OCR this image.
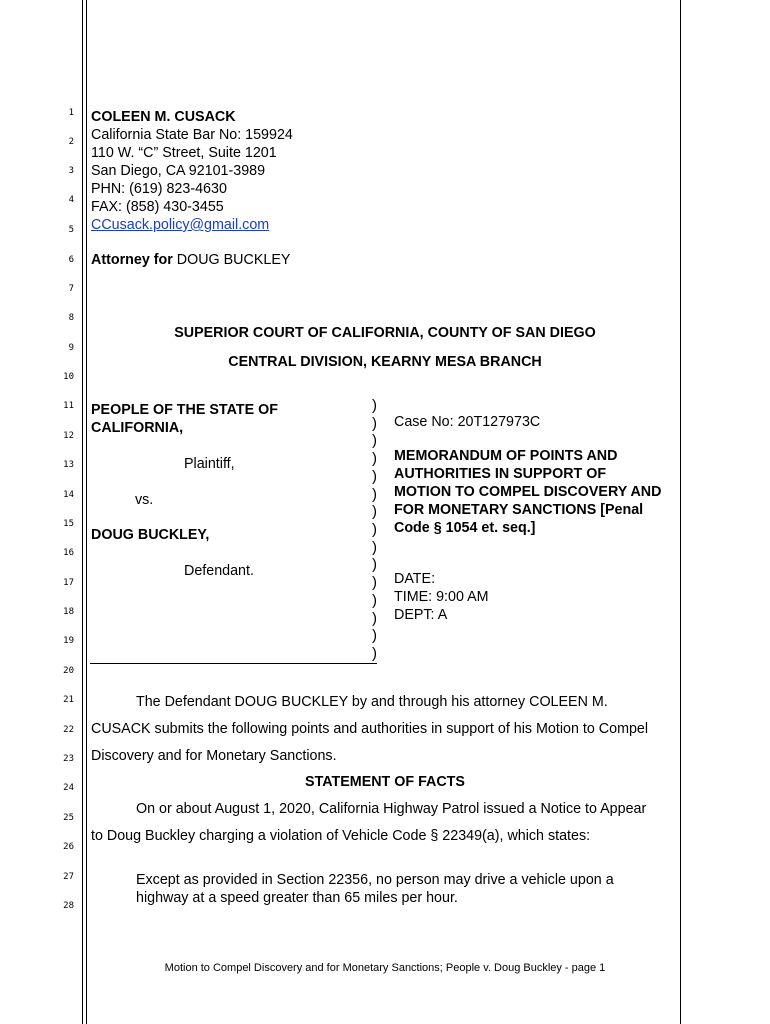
1
2
3
4
5
6
7
8
9
10
11
12
13
14
15
16
17
18
19
20
21
22
23
24
25
26
27
28
COLEEN M. CUSACK
California State Bar No: 159924
110 W. “C” Street, Suite 1201
San Diego, CA 92101-3989
PHN: (619) 823-4630
FAX: (858) 430-3455
CCusack.policy@gmail.com
Attorney for DOUG BUCKLEY
SUPERIOR COURT OF CALIFORNIA, COUNTY OF SAN DIEGO
CENTRAL DIVISION, KEARNY MESA BRANCH
PEOPLE OF THE STATE OF
CALIFORNIA,
Plaintiff,
vs.
DOUG BUCKLEY,
Defendant.
)
)
)
)
)
)
)
)
)
)
)
)
)
)
)
Case No: 20T127973C
MEMORANDUM OF POINTS AND
AUTHORITIES IN SUPPORT OF
MOTION TO COMPEL DISCOVERY AND
FOR MONETARY SANCTIONS [Penal
Code § 1054 et. seq.]
DATE:
TIME: 9:00 AM
DEPT: A
The Defendant DOUG BUCKLEY by and through his attorney COLEEN M.
CUSACK submits the following points and authorities in support of his Motion to Compel
Discovery and for Monetary Sanctions.
STATEMENT OF FACTS
On or about August 1, 2020, California Highway Patrol issued a Notice to Appear
to Doug Buckley charging a violation of Vehicle Code § 22349(a), which states:
Except as provided in Section 22356, no person may drive a vehicle upon a
highway at a speed greater than 65 miles per hour.
Motion to Compel Discovery and for Monetary Sanctions; People v. Doug Buckley - page 1
